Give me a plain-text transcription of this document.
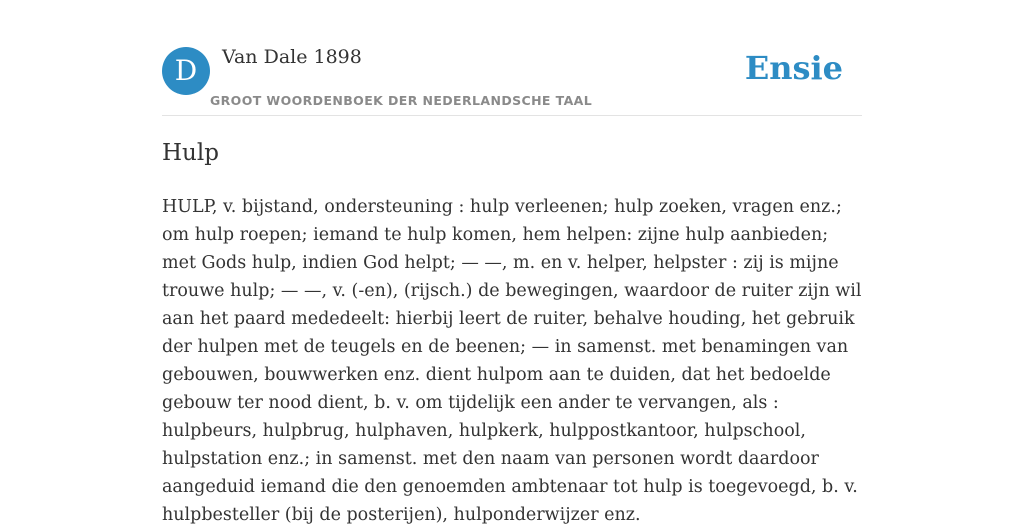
D	Van Dale 1898
GROOT WOORDENBOEK DER NEDERLANDSCHE TAAL
Ensie
Hulp

HULP, v. bijstand, ondersteuning : hulp verleenen; hulp zoeken, vragen enz.; om hulp roepen; iemand te hulp komen, hem helpen: zijne hulp aanbieden; met Gods hulp, indien God helpt; — —, m. en v. helper, helpster : zij is mijne trouwe hulp; — —, v. (-en), (rijsch.) de bewegingen, waardoor de ruiter zijn wil aan het paard mededeelt: hierbij leert de ruiter, behalve houding, het gebruik der hulpen met de teugels en de beenen; — in samenst. met benamingen van gebouwen, bouwwerken enz. dient hulpom aan te duiden, dat het bedoelde gebouw ter nood dient, b. v. om tijdelijk een ander te vervangen, als : hulpbeurs, hulpbrug, hulphaven, hulpkerk, hulppostkantoor, hulpschool, hulpstation enz.; in samenst. met den naam van personen wordt daardoor aangeduid iemand die den genoemden ambtenaar tot hulp is toegevoegd, b. v. hulpbesteller (bij de posterijen), hulponderwijzer enz.
